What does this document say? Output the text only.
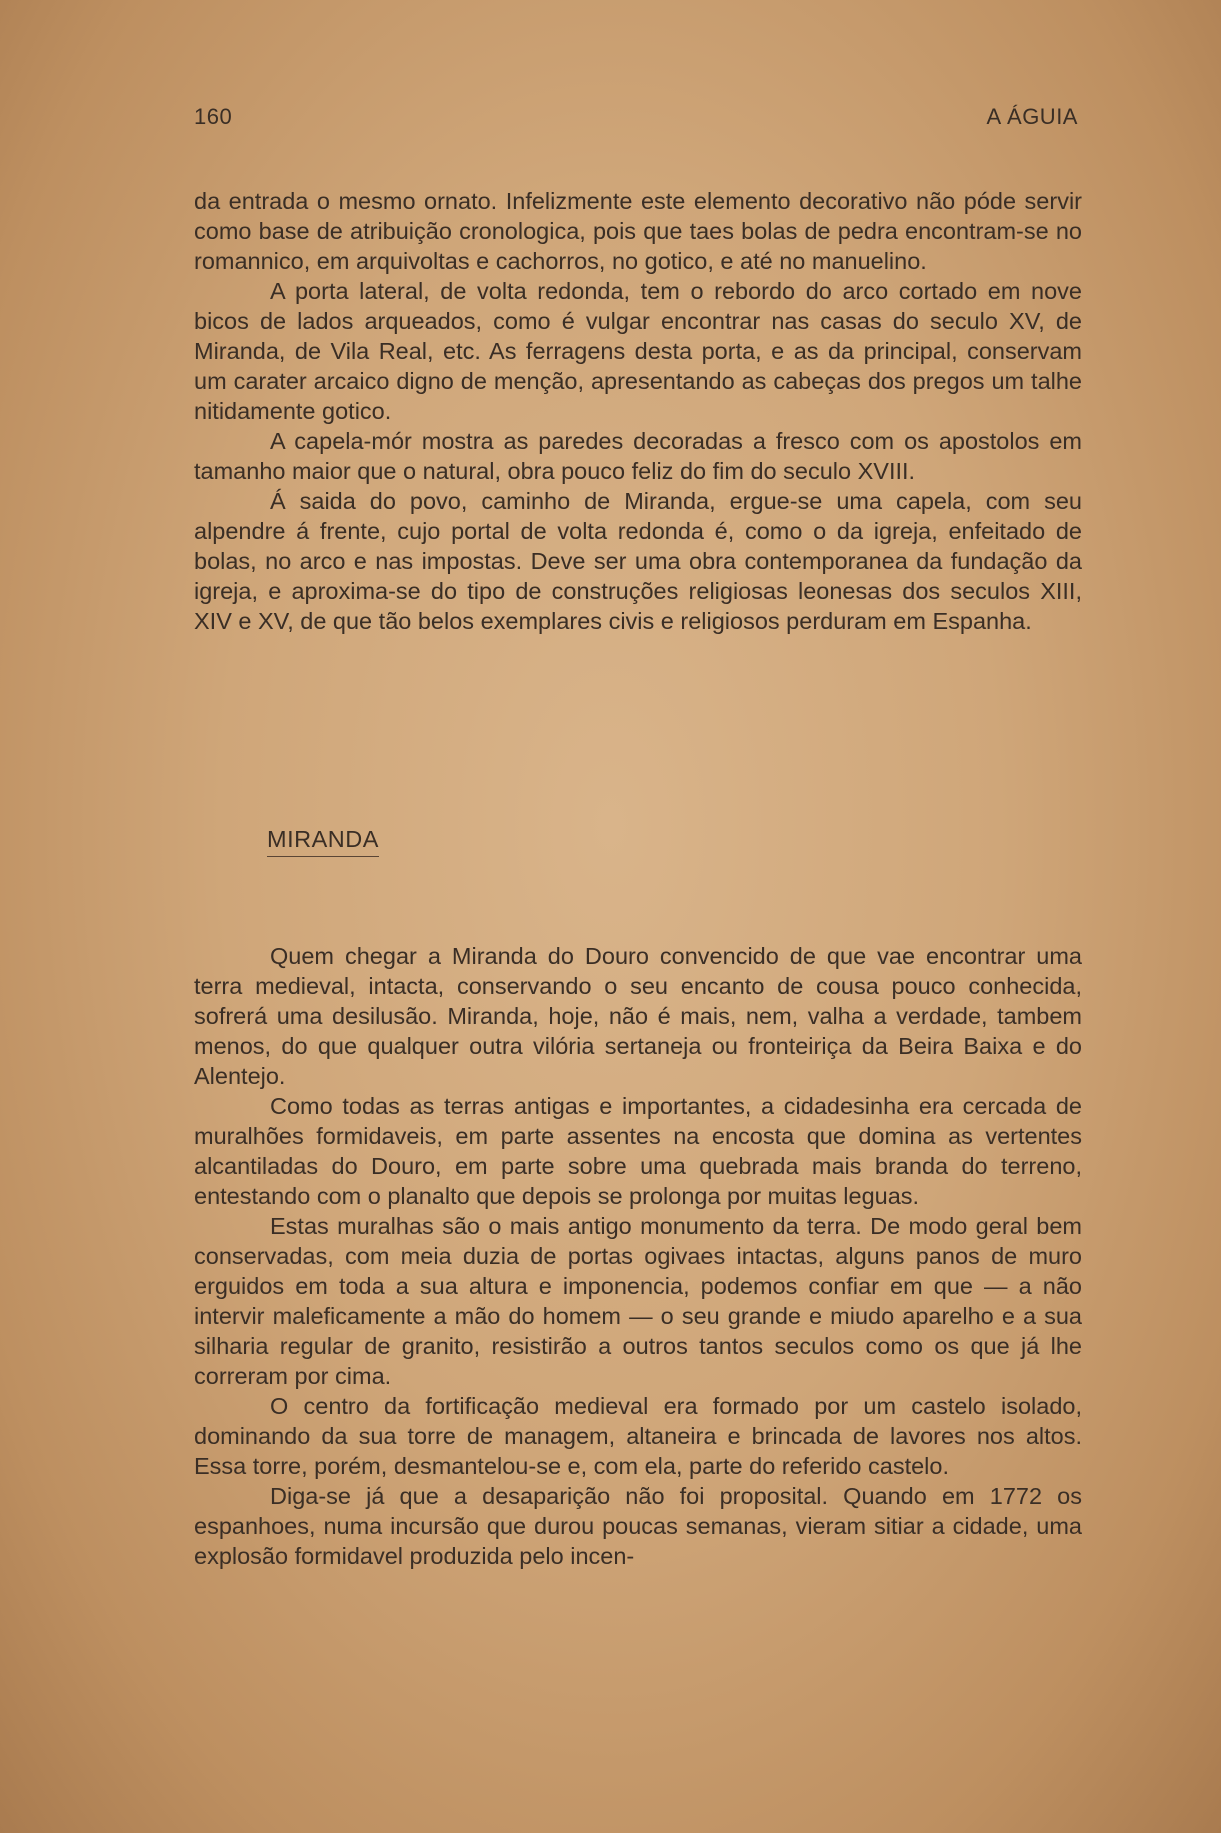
160	A ÁGUIA

da entrada o mesmo ornato. Infelizmente este elemento decorativo não póde servir como base de atribuição cronologica, pois que taes bolas de pedra encontram-se no romannico, em arquivoltas e cachorros, no gotico, e até no manuelino.

A porta lateral, de volta redonda, tem o rebordo do arco cortado em nove bicos de lados arqueados, como é vulgar encontrar nas casas do seculo XV, de Miranda, de Vila Real, etc. As ferragens desta porta, e as da principal, conservam um carater arcaico digno de menção, apresentando as cabeças dos pregos um talhe nitidamente gotico.

A capela-mór mostra as paredes decoradas a fresco com os apostolos em tamanho maior que o natural, obra pouco feliz do fim do seculo XVIII.

Á saida do povo, caminho de Miranda, ergue-se uma capela, com seu alpendre á frente, cujo portal de volta redonda é, como o da igreja, enfeitado de bolas, no arco e nas impostas. Deve ser uma obra contemporanea da fundação da igreja, e aproxima-se do tipo de construções religiosas leonesas dos seculos XIII, XIV e XV, de que tão belos exemplares civis e religiosos perduram em Espanha.

MIRANDA

Quem chegar a Miranda do Douro convencido de que vae encontrar uma terra medieval, intacta, conservando o seu encanto de cousa pouco conhecida, sofrerá uma desilusão. Miranda, hoje, não é mais, nem, valha a verdade, tambem menos, do que qualquer outra vilória sertaneja ou fronteiriça da Beira Baixa e do Alentejo.

Como todas as terras antigas e importantes, a cidadesinha era cercada de muralhões formidaveis, em parte assentes na encosta que domina as vertentes alcantiladas do Douro, em parte sobre uma quebrada mais branda do terreno, entestando com o planalto que depois se prolonga por muitas leguas.

Estas muralhas são o mais antigo monumento da terra. De modo geral bem conservadas, com meia duzia de portas ogivaes intactas, alguns panos de muro erguidos em toda a sua altura e imponencia, podemos confiar em que — a não intervir maleficamente a mão do homem — o seu grande e miudo aparelho e a sua silharia regular de granito, resistirão a outros tantos seculos como os que já lhe correram por cima.

O centro da fortificação medieval era formado por um castelo isolado, dominando da sua torre de managem, altaneira e brincada de lavores nos altos. Essa torre, porém, desmantelou-se e, com ela, parte do referido castelo.

Diga-se já que a desaparição não foi proposital. Quando em 1772 os espanhoes, numa incursão que durou poucas semanas, vieram sitiar a cidade, uma explosão formidavel produzida pelo incen-
